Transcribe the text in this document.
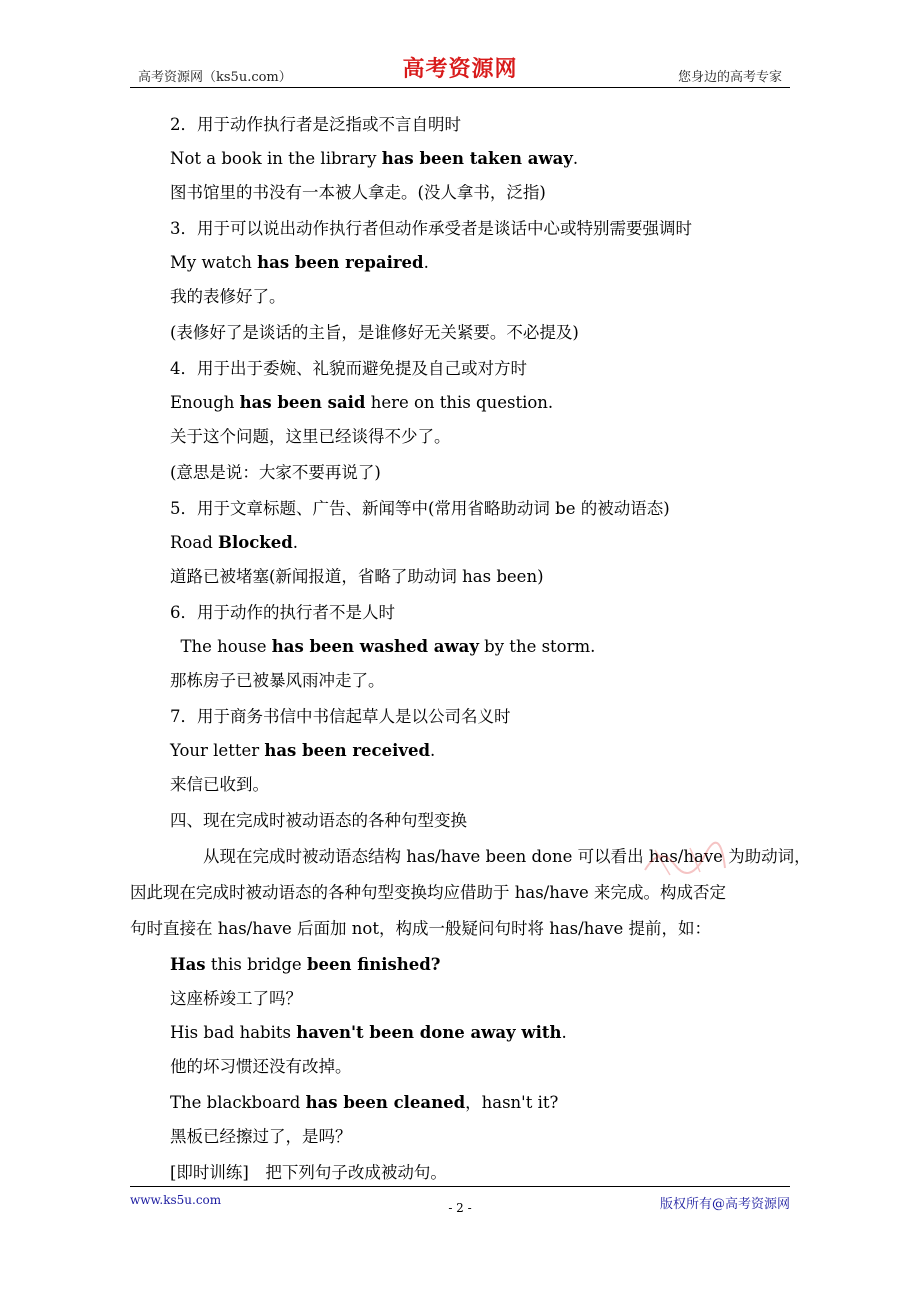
高考资源网（ks5u.com）	高考资源网	您身边的高考专家
2．用于动作执行者是泛指或不言自明时
Not a book in the library has been taken away.
图书馆里的书没有一本被人拿走。(没人拿书，泛指)
3．用于可以说出动作执行者但动作承受者是谈话中心或特别需要强调时
My watch has been repaired.
我的表修好了。
(表修好了是谈话的主旨，是谁修好无关紧要。不必提及)
4．用于出于委婉、礼貌而避免提及自己或对方时
Enough has been said here on this question.
关于这个问题，这里已经谈得不少了。
(意思是说：大家不要再说了)
5．用于文章标题、广告、新闻等中(常用省略助动词 be 的被动语态)
Road Blocked.
道路已被堵塞(新闻报道，省略了助动词 has been)
6．用于动作的执行者不是人时
The house has been washed away by the storm.
那栋房子已被暴风雨冲走了。
7．用于商务书信中书信起草人是以公司名义时
Your letter has been received.
来信已收到。
四、现在完成时被动语态的各种句型变换
　　从现在完成时被动语态结构 has/have been done 可以看出 has/have 为助动词，
因此现在完成时被动语态的各种句型变换均应借助于 has/have 来完成。构成否定
句时直接在 has/have 后面加 not，构成一般疑问句时将 has/have 提前，如：
Has this bridge been finished?
这座桥竣工了吗？
His bad habits haven't been done away with.
他的坏习惯还没有改掉。
The blackboard has been cleaned，hasn't it?
黑板已经擦过了，是吗？
[即时训练]　把下列句子改成被动句。
www.ks5u.com
- 2 -	版权所有@高考资源网
